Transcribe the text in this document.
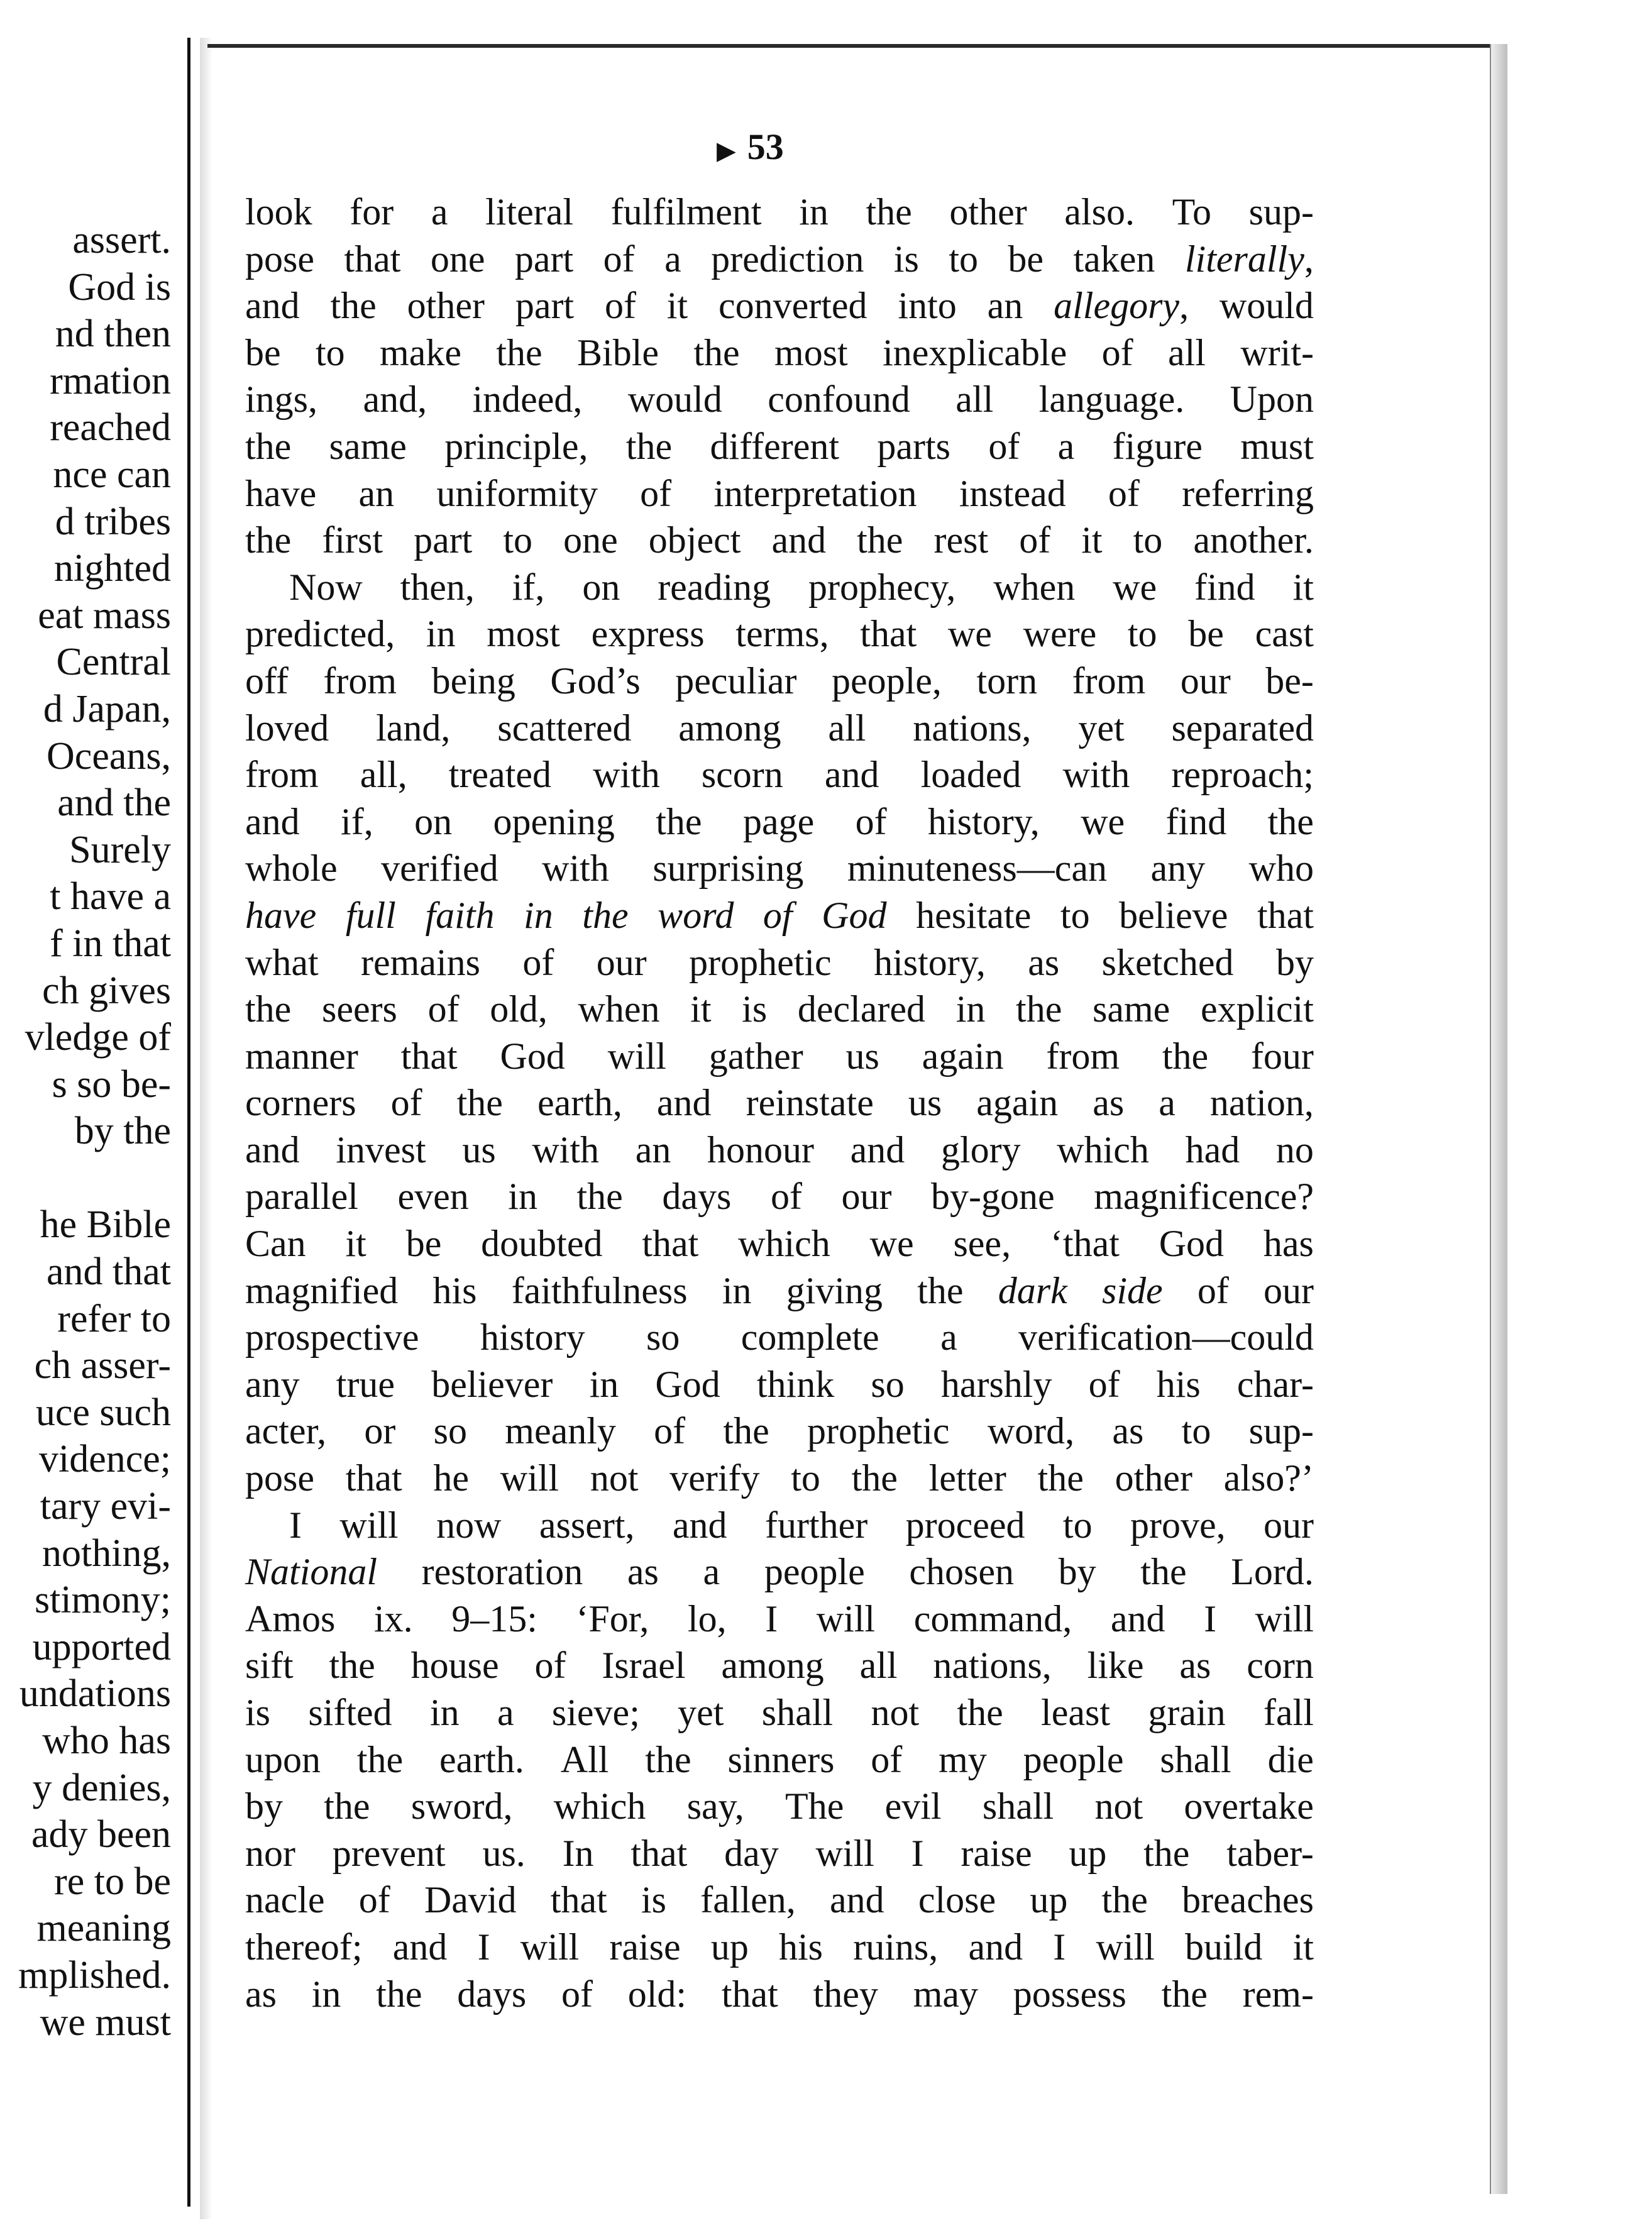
assert.
God is
nd then
rmation
reached
nce can
d tribes
nighted
eat mass
Central
d Japan,
Oceans,
and the
Surely
t have a
f in that
ch gives
vledge of
s so be-
by the
he Bible
and that
refer to
ch asser-
uce such
vidence;
tary evi-
nothing,
stimony;
upported
undations
who has
y denies,
ady been
re to be
meaning
mplished.
we must
▶ 53
look for a literal fulfilment in the other also. To sup-
pose that one part of a prediction is to be taken literally,
and the other part of it converted into an allegory, would
be to make the Bible the most inexplicable of all writ-
ings, and, indeed, would confound all language. Upon
the same principle, the different parts of a figure must
have an uniformity of interpretation instead of referring
the first part to one object and the rest of it to another.
Now then, if, on reading prophecy, when we find it
predicted, in most express terms, that we were to be cast
off from being God’s peculiar people, torn from our be-
loved land, scattered among all nations, yet separated
from all, treated with scorn and loaded with reproach;
and if, on opening the page of history, we find the
whole verified with surprising minuteness—can any who
have full faith in the word of God hesitate to believe that
what remains of our prophetic history, as sketched by
the seers of old, when it is declared in the same explicit
manner that God will gather us again from the four
corners of the earth, and reinstate us again as a nation,
and invest us with an honour and glory which had no
parallel even in the days of our by-gone magnificence?
Can it be doubted that which we see, ‘that God has
magnified his faithfulness in giving the dark side of our
prospective history so complete a verification—could
any true believer in God think so harshly of his char-
acter, or so meanly of the prophetic word, as to sup-
pose that he will not verify to the letter the other also?’
I will now assert, and further proceed to prove, our
National restoration as a people chosen by the Lord.
Amos ix. 9–15: ‘For, lo, I will command, and I will
sift the house of Israel among all nations, like as corn
is sifted in a sieve; yet shall not the least grain fall
upon the earth. All the sinners of my people shall die
by the sword, which say, The evil shall not overtake
nor prevent us. In that day will I raise up the taber-
nacle of David that is fallen, and close up the breaches
thereof; and I will raise up his ruins, and I will build it
as in the days of old: that they may possess the rem-
